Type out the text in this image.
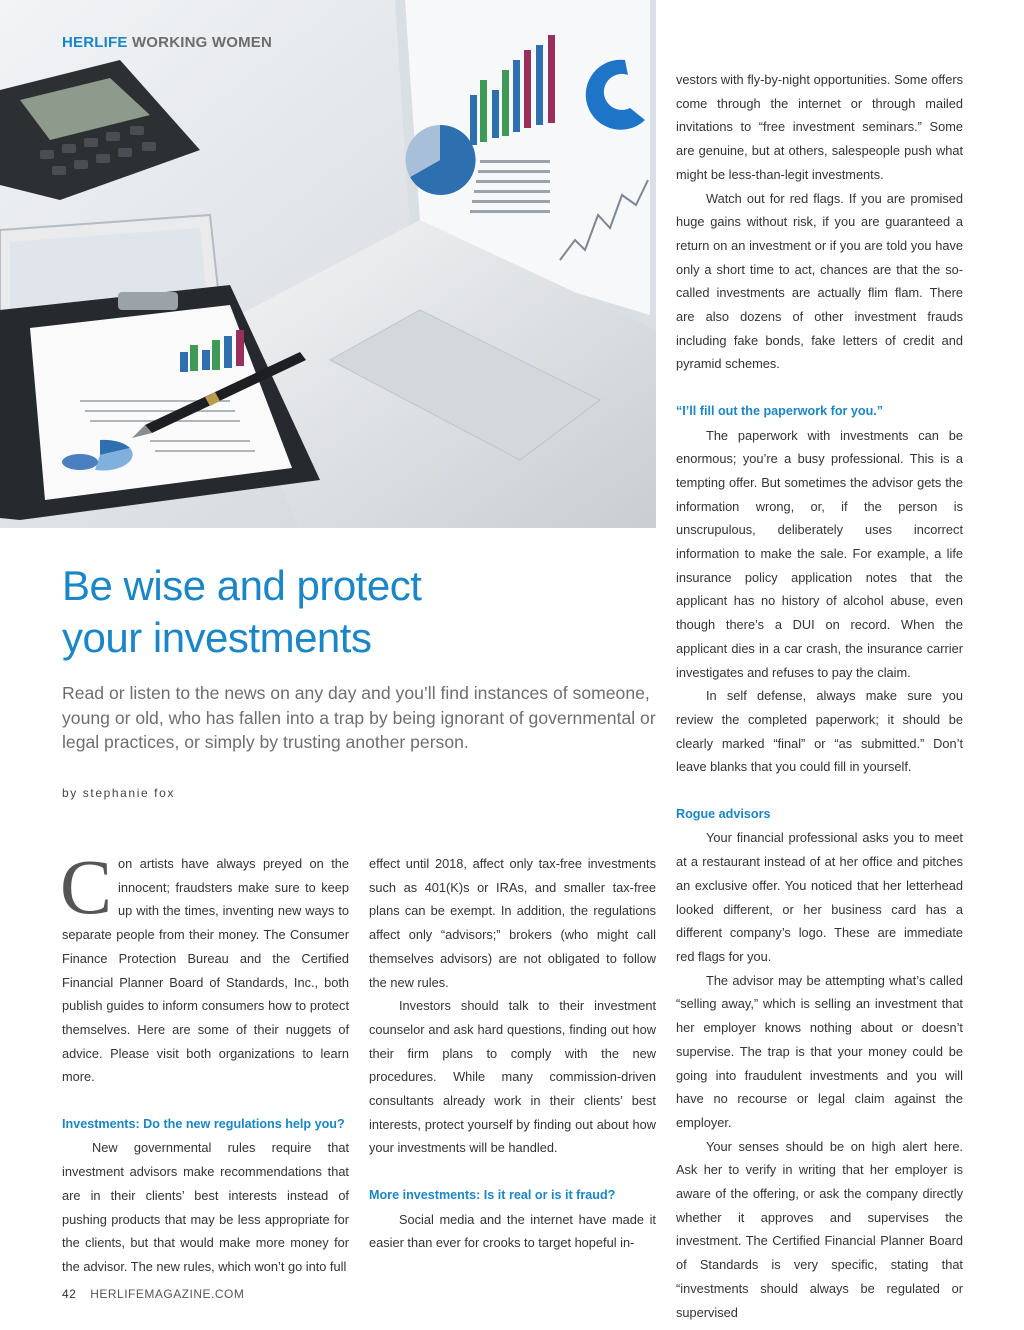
HERLIFE WORKING WOMEN
Be wise and protect
your investments

Read or listen to the news on any day and you’ll find instances of someone, young or old, who has fallen into a trap by being ignorant of governmental or legal practices, or simply by trusting another person.

by stephanie fox

Con artists have always preyed on the innocent; fraudsters make sure to keep up with the times, inventing new ways to separate people from their money. The Consumer Finance Protection Bureau and the Certified Financial Planner Board of Standards, Inc., both publish guides to inform consumers how to protect themselves. Here are some of their nuggets of advice. Please visit both organizations to learn more.

Investments: Do the new regulations help you?

New governmental rules require that investment advisors make recommendations that are in their clients’ best interests instead of pushing products that may be less appropriate for the clients, but that would make more money for the advisor. The new rules, which won’t go into full

effect until 2018, affect only tax-free investments such as 401(K)s or IRAs, and smaller tax-free plans can be exempt. In addition, the regulations affect only “advisors;” brokers (who might call themselves advisors) are not obligated to follow the new rules.

Investors should talk to their investment counselor and ask hard questions, finding out how their firm plans to comply with the new procedures. While many commission-driven consultants already work in their clients’ best interests, protect yourself by finding out about how your investments will be handled.

More investments: Is it real or is it fraud?

Social media and the internet have made it easier than ever for crooks to target hopeful in-

vestors with fly-by-night opportunities. Some offers come through the internet or through mailed invitations to “free investment seminars.” Some are genuine, but at others, salespeople push what might be less-than-legit investments.

Watch out for red flags. If you are promised huge gains without risk, if you are guaranteed a return on an investment or if you are told you have only a short time to act, chances are that the so-called investments are actually flim flam. There are also dozens of other investment frauds including fake bonds, fake letters of credit and pyramid schemes.

“I’ll fill out the paperwork for you.”

The paperwork with investments can be enormous; you’re a busy professional. This is a tempting offer. But sometimes the advisor gets the information wrong, or, if the person is unscrupulous, deliberately uses incorrect information to make the sale. For example, a life insurance policy application notes that the applicant has no history of alcohol abuse, even though there’s a DUI on record. When the applicant dies in a car crash, the insurance carrier investigates and refuses to pay the claim.

In self defense, always make sure you review the completed paperwork; it should be clearly marked “final” or “as submitted.” Don’t leave blanks that you could fill in yourself.

Rogue advisors

Your financial professional asks you to meet at a restaurant instead of at her office and pitches an exclusive offer. You noticed that her letterhead looked different, or her business card has a different company’s logo. These are immediate red flags for you.

The advisor may be attempting what’s called “selling away,” which is selling an investment that her employer knows nothing about or doesn’t supervise. The trap is that your money could be going into fraudulent investments and you will have no recourse or legal claim against the employer.

Your senses should be on high alert here. Ask her to verify in writing that her employer is aware of the offering, or ask the company directly whether it approves and supervises the investment. The Certified Financial Planner Board of Standards is very specific, stating that “investments should always be regulated or supervised

42 HERLIFEMAGAZINE.COM
